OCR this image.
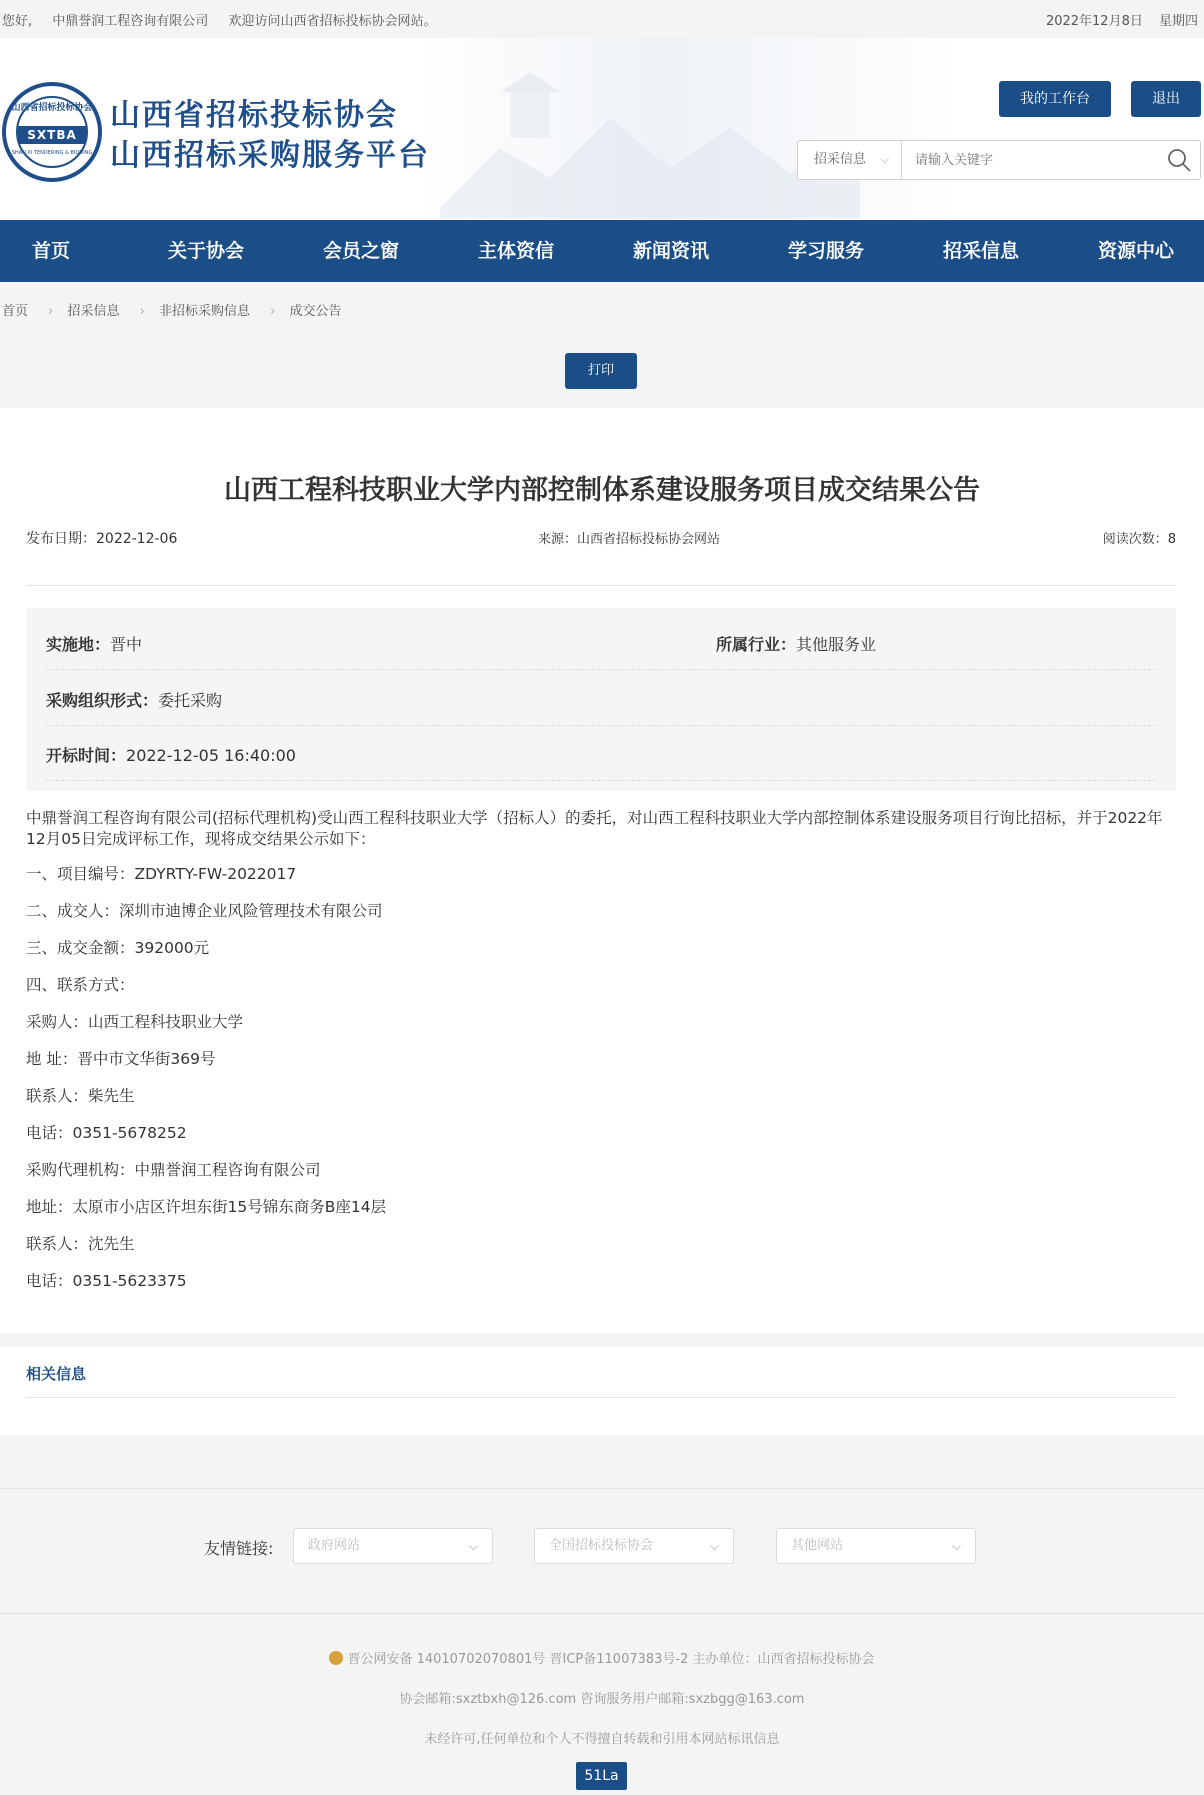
您好, 中鼎誉润工程咨询有限公司 欢迎访问山西省招标投标协会网站。	2022年12月8日 星期四
山西省招标投标协会
SXTBA
SHAN XI TENDERING & BIDDING
山西省招标投标协会
山西招标采购服务平台
我的工作台	退出
招采信息 ⌵
请输入关键字
首页	关于协会	会员之窗	主体资信	新闻资讯	学习服务	招采信息	资源中心
首页 › 招采信息 › 非招标采购信息 › 成交公告
打印
山西工程科技职业大学内部控制体系建设服务项目成交结果公告
发布日期：2022-12-06	来源：山西省招标投标协会网站	阅读次数：8
实施地：晋中	所属行业：其他服务业
采购组织形式：委托采购
开标时间：2022-12-05 16:40:00

中鼎誉润工程咨询有限公司(招标代理机构)受山西工程科技职业大学（招标人）的委托，对山西工程科技职业大学内部控制体系建设服务项目行询比招标，并于2022年12月05日完成评标工作，现将成交结果公示如下：

一、项目编号：ZDYRTY-FW-2022017

二、成交人：深圳市迪博企业风险管理技术有限公司

三、成交金额：392000元

四、联系方式：

采购人：山西工程科技职业大学

地 址：晋中市文华街369号

联系人：柴先生

电话：0351-5678252

采购代理机构：中鼎誉润工程咨询有限公司

地址：太原市小店区许坦东街15号锦东商务B座14层

联系人：沈先生

电话：0351-5623375

相关信息
友情链接:	政府网站	⌵	全国招标投标协会	⌵	其他网站	⌵
晋公网安备 14010702070801号 晋ICP备11007383号-2 主办单位：山西省招标投标协会
协会邮箱:sxztbxh@126.com 咨询服务用户邮箱:sxzbgg@163.com
未经许可,任何单位和个人不得擅自转载和引用本网站标讯信息
51La
